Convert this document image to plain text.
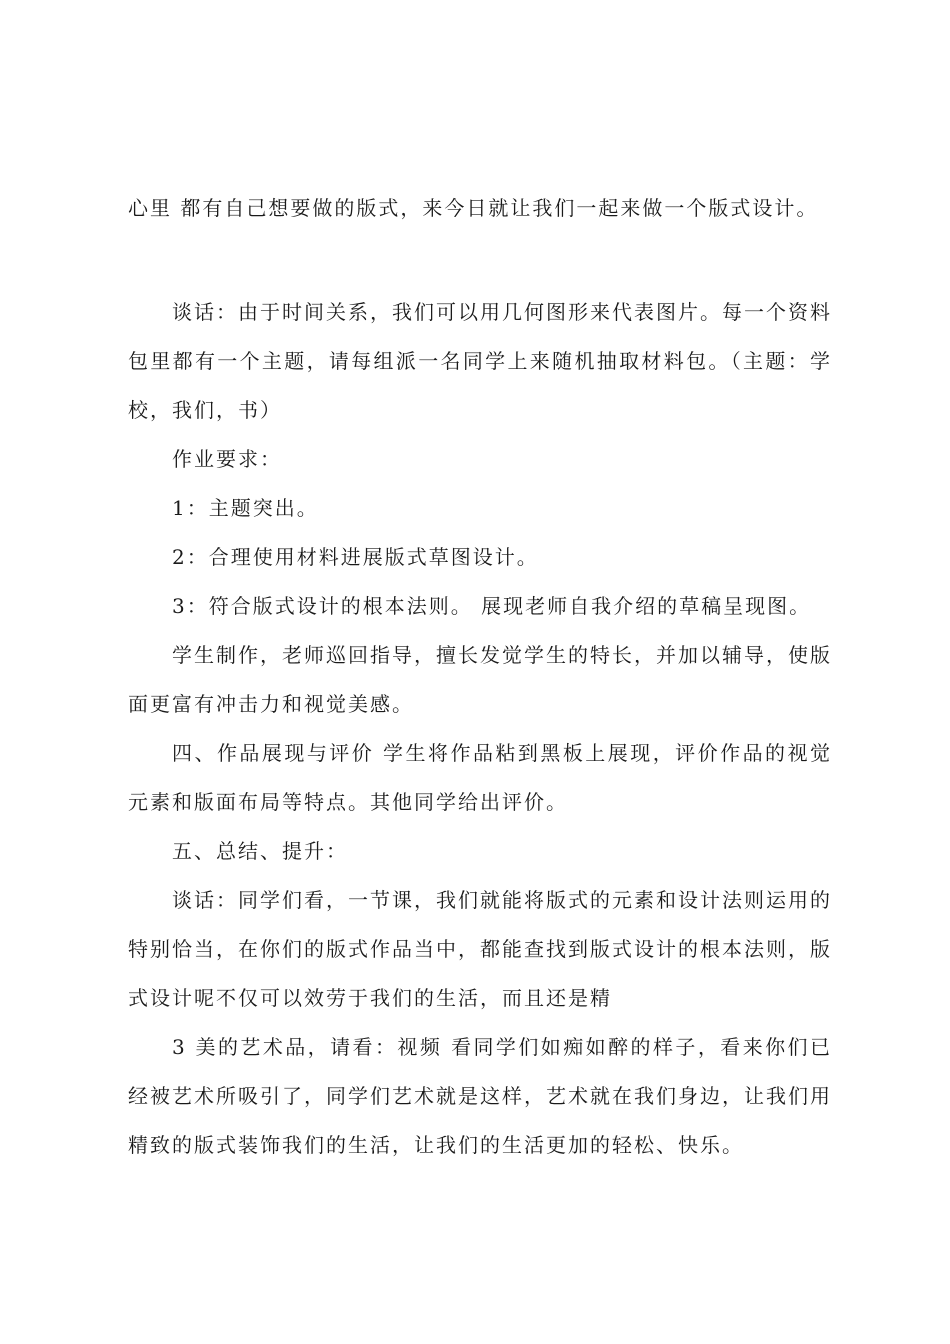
心里 都有自己想要做的版式，来今日就让我们一起来做一个版式设计。

谈话：由于时间关系，我们可以用几何图形来代表图片。每一个资料包里都有一个主题，请每组派一名同学上来随机抽取材料包。（主题：学校，我们，书）

作业要求：

1：主题突出。

2：合理使用材料进展版式草图设计。

3：符合版式设计的根本法则。 展现老师自我介绍的草稿呈现图。

学生制作，老师巡回指导，擅长发觉学生的特长，并加以辅导，使版面更富有冲击力和视觉美感。

四、作品展现与评价 学生将作品粘到黑板上展现，评价作品的视觉元素和版面布局等特点。其他同学给出评价。

五、总结、提升：

谈话：同学们看，一节课，我们就能将版式的元素和设计法则运用的特别恰当，在你们的版式作品当中，都能查找到版式设计的根本法则，版式设计呢不仅可以效劳于我们的生活，而且还是精

3 美的艺术品，请看：视频 看同学们如痴如醉的样子，看来你们已经被艺术所吸引了，同学们艺术就是这样，艺术就在我们身边，让我们用精致的版式装饰我们的生活，让我们的生活更加的轻松、快乐。
